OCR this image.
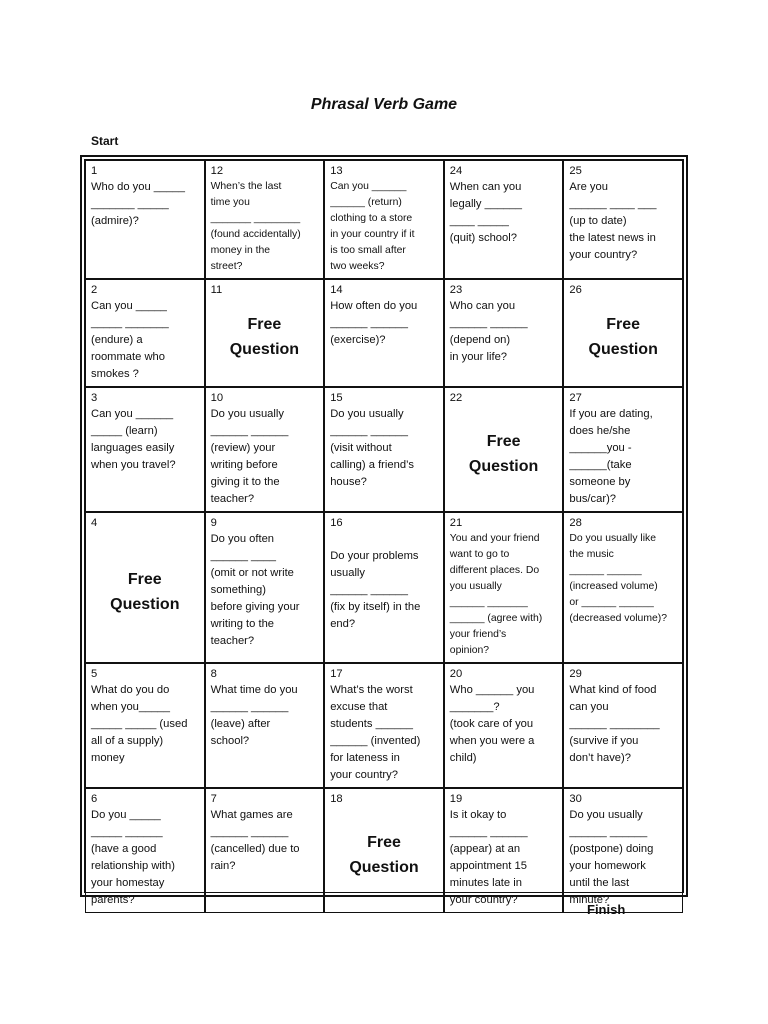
Phrasal Verb Game
Start
1
Who do you _____
_______ _____
(admire)?
12
When’s the last
time you
_______ ________
(found accidentally)
money in the
street?
13
Can you ______
______ (return)
clothing to a store
in your country if it
is too small after
two weeks?
24
When can you
legally ______
____ _____
(quit) school?
25
Are you
______ ____ ___
(up to date)
the latest news in
your country?
2
Can you _____
_____ _______
(endure) a
roommate who
smokes ?
11
Free
Question
14
How often do you
______ ______
(exercise)?
23
Who can you
______ ______
(depend on)
in your life?
26
Free
Question
3
Can you ______
_____ (learn)
languages easily
when you travel?
10
Do you usually
______ ______
(review) your
writing before
giving it to the
teacher?
15
Do you usually
______ ______
(visit without
calling) a friend’s
house?
22
Free
Question
27
If you are dating,
does he/she
______you -
______(take
someone by
bus/car)?
4
Free
Question
9
Do you often
______ ____
(omit or not write
something)
before giving your
writing to the
teacher?
16

Do your problems
usually
______ ______
(fix by itself) in the
end?
21
You and your friend
want to go to
different places. Do
you usually
______ _______
______ (agree with)
your friend’s
opinion?
28
Do you usually like
the music
______ ______
(increased volume)
or ______ ______
(decreased volume)?
5
What do you do
when you_____
_____ _____ (used
all of a supply)
money
8
What time do you
______ ______
(leave) after
school?
17
What’s the worst
excuse that
students ______
______ (invented)
for lateness in
your country?
20
Who ______ you
_______?
(took care of you
when you were a
child)
29
What kind of food
can you
______ ________
(survive if you
don’t have)?
6
Do you _____
_____ ______
(have a good
relationship with)
your homestay
parents?
7
What games are
______ ______
(cancelled) due to
rain?
18
Free
Question
19
Is it okay to
______ ______
(appear) at an
appointment 15
minutes late in
your country?
30
Do you usually
______ ______
(postpone) doing
your homework
until the last
minute?
Finish
